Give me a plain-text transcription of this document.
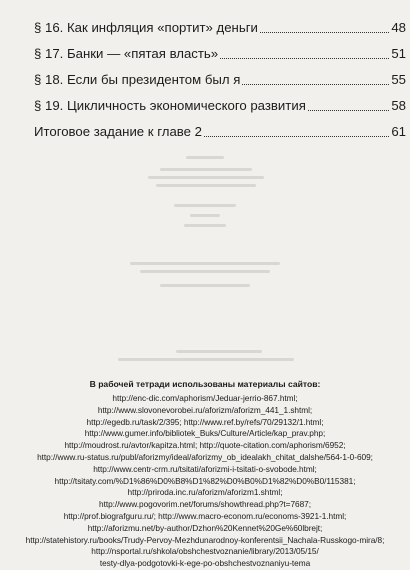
§ 16. Как инфляция «портит» деньги	48
§ 17. Банки — «пятая власть»	51
§ 18. Если бы президентом был я	55
§ 19. Цикличность экономического развития	58
Итоговое задание к главе 2	61
В рабочей тетради использованы материалы сайтов:
http://enc-dic.com/aphorism/Jeduar-jerrio-867.html;
http://www.slovonevorobei.ru/aforizm/aforizm_441_1.shtml;
http://egedb.ru/task/2/395; http://www.ref.by/refs/70/29132/1.html;
http://www.gumer.info/bibliotek_Buks/Culture/Article/kap_prav.php;
http://moudrost.ru/avtor/kapitza.html; http://quote-citation.com/aphorism/6952;
http://www.ru-status.ru/publ/aforizmy/ideal/aforizmy_ob_idealakh_chitat_dalshe/564-1-0-609;
http://www.centr-crm.ru/tsitati/aforizmi-i-tsitati-o-svobode.html;
http://tsitaty.com/%D1%86%D0%B8%D1%82%D0%B0%D1%82%D0%B0/115381;
http://priroda.inc.ru/aforizm/aforizm1.shtml;
http://www.pogovorim.net/forums/showthread.php?t=7687;
http://prof.biografguru.ru/; http://www.macro-econom.ru/economs-3921-1.html;
http://aforizmu.net/by-author/Dzhon%20Kennet%20Ge%60lbrejt;
http://statehistory.ru/books/Trudy-Pervoy-Mezhdunarodnoy-konferentsii_Nachala-Russkogo-mira/8;
http://nsportal.ru/shkola/obshchestvoznanie/library/2013/05/15/
testy-dlya-podgotovki-k-ege-po-obshchestvoznaniyu-tema
